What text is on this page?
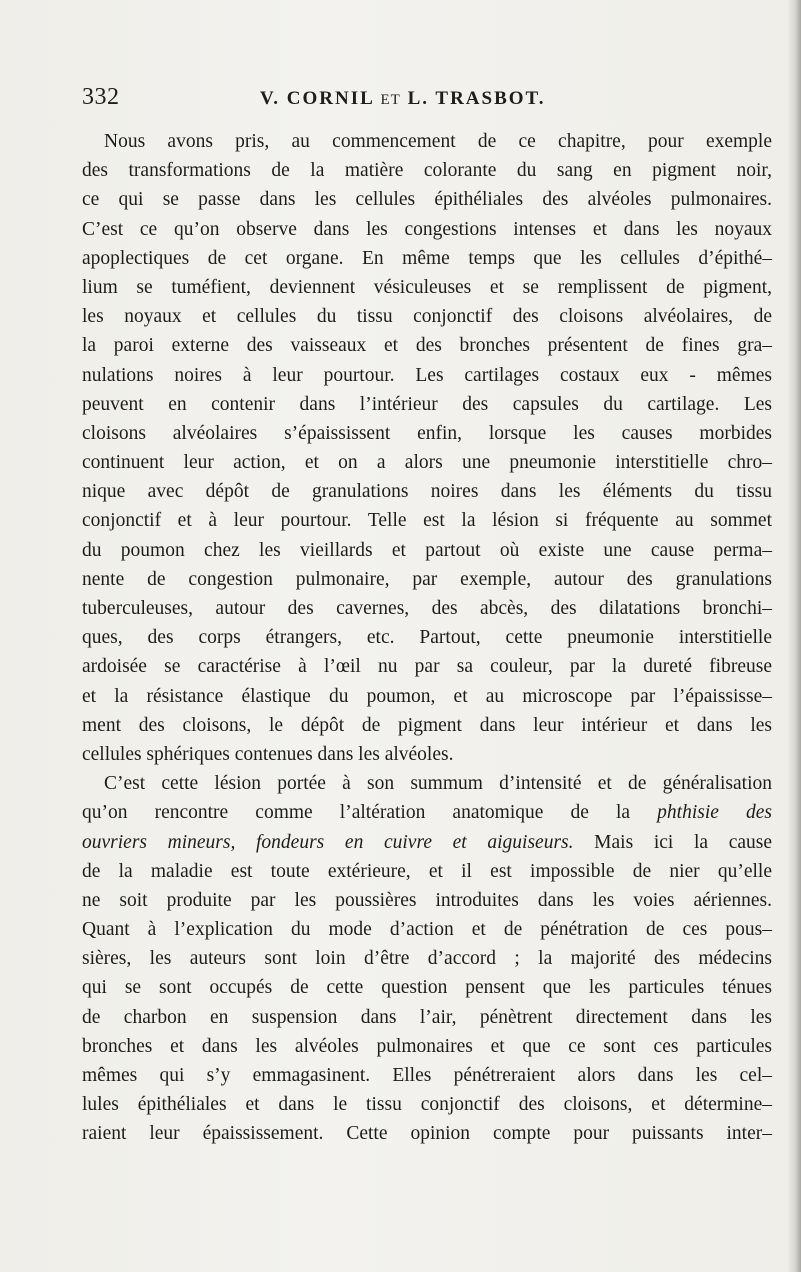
332	V. CORNIL ET L. TRASBOT.
Nous avons pris, au commencement de ce chapitre, pour exemple
des transformations de la matière colorante du sang en pigment noir,
ce qui se passe dans les cellules épithéliales des alvéoles pulmonaires.
C’est ce qu’on observe dans les congestions intenses et dans les noyaux
apoplectiques de cet organe. En même temps que les cellules d’épithé–
lium se tuméfient, deviennent vésiculeuses et se remplissent de pigment,
les noyaux et cellules du tissu conjonctif des cloisons alvéolaires, de
la paroi externe des vaisseaux et des bronches présentent de fines gra–
nulations noires à leur pourtour. Les cartilages costaux eux - mêmes
peuvent en contenir dans l’intérieur des capsules du cartilage. Les
cloisons alvéolaires s’épaississent enfin, lorsque les causes morbides
continuent leur action, et on a alors une pneumonie interstitielle chro–
nique avec dépôt de granulations noires dans les éléments du tissu
conjonctif et à leur pourtour. Telle est la lésion si fréquente au sommet
du poumon chez les vieillards et partout où existe une cause perma–
nente de congestion pulmonaire, par exemple, autour des granulations
tuberculeuses, autour des cavernes, des abcès, des dilatations bronchi–
ques, des corps étrangers, etc. Partout, cette pneumonie interstitielle
ardoisée se caractérise à l’œil nu par sa couleur, par la dureté fibreuse
et la résistance élastique du poumon, et au microscope par l’épaississe–
ment des cloisons, le dépôt de pigment dans leur intérieur et dans les
cellules sphériques contenues dans les alvéoles.
C’est cette lésion portée à son summum d’intensité et de généralisation
qu’on rencontre comme l’altération anatomique de la phthisie des
ouvriers mineurs, fondeurs en cuivre et aiguiseurs. Mais ici la cause
de la maladie est toute extérieure, et il est impossible de nier qu’elle
ne soit produite par les poussières introduites dans les voies aériennes.
Quant à l’explication du mode d’action et de pénétration de ces pous–
sières, les auteurs sont loin d’être d’accord ; la majorité des médecins
qui se sont occupés de cette question pensent que les particules ténues
de charbon en suspension dans l’air, pénètrent directement dans les
bronches et dans les alvéoles pulmonaires et que ce sont ces particules
mêmes qui s’y emmagasinent. Elles pénétreraient alors dans les cel–
lules épithéliales et dans le tissu conjonctif des cloisons, et détermine–
raient leur épaississement. Cette opinion compte pour puissants inter–
